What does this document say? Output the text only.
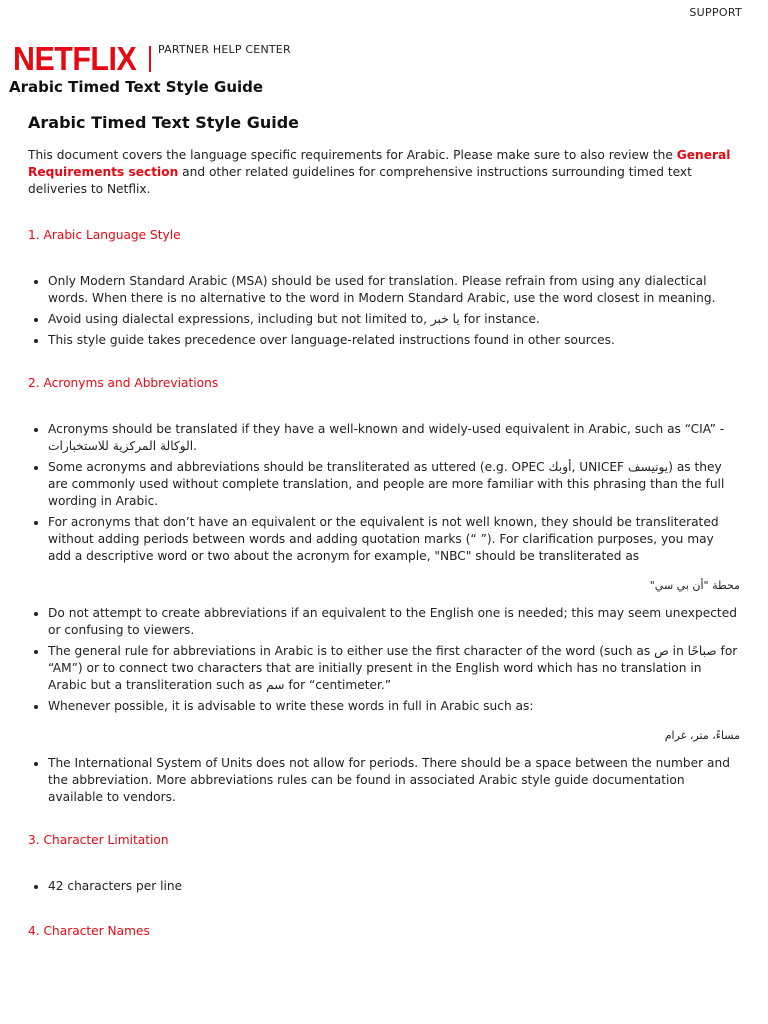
SUPPORT
NETFLIX PARTNER HELP CENTER
Arabic Timed Text Style Guide
Arabic Timed Text Style Guide

This document covers the language specific requirements for Arabic. Please make sure to also review the General Requirements section and other related guidelines for comprehensive instructions surrounding timed text deliveries to Netflix.

1. Arabic Language Style
• Only Modern Standard Arabic (MSA) should be used for translation. Please refrain from using any dialectical words. When there is no alternative to the word in Modern Standard Arabic, use the word closest in meaning.
• Avoid using dialectal expressions, including but not limited to, يا خبر for instance.
• This style guide takes precedence over language-related instructions found in other sources.
2. Acronyms and Abbreviations
• Acronyms should be translated if they have a well-known and widely-used equivalent in Arabic, such as “CIA” - الوكالة المركزية للاستخبارات.
• Some acronyms and abbreviations should be transliterated as uttered (e.g. OPEC أوبك, UNICEF يونيسف) as they are commonly used without complete translation, and people are more familiar with this phrasing than the full wording in Arabic.
• For acronyms that don’t have an equivalent or the equivalent is not well known, they should be transliterated without adding periods between words and adding quotation marks (“ ”). For clarification purposes, you may add a descriptive word or two about the acronym for example, "NBC" should be transliterated as

محطة "أن بي سي"

• Do not attempt to create abbreviations if an equivalent to the English one is needed; this may seem unexpected or confusing to viewers.
• The general rule for abbreviations in Arabic is to either use the first character of the word (such as ص in صباحًا for “AM”) or to connect two characters that are initially present in the English word which has no translation in Arabic but a transliteration such as سم for “centimeter.”
• Whenever possible, it is advisable to write these words in full in Arabic such as:

مساءً، متر، غرام

• The International System of Units does not allow for periods. There should be a space between the number and the abbreviation. More abbreviations rules can be found in associated Arabic style guide documentation available to vendors.
3. Character Limitation
• 42 characters per line
4. Character Names
